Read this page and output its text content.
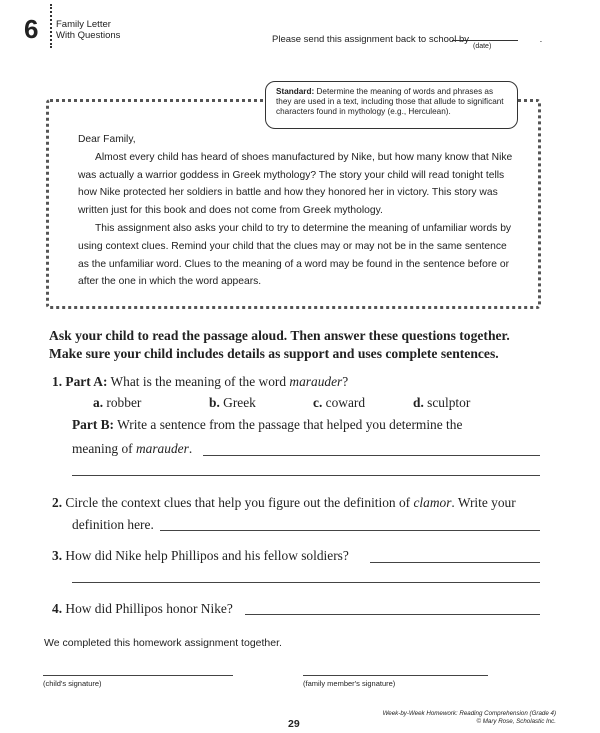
6 Family Letter
With Questions	Please send this assignment back to school by	.
(date)
Standard: Determine the meaning of words and phrases as they are used in a text, including those that allude to significant characters found in mythology (e.g., Herculean).
Dear Family,

Almost every child has heard of shoes manufactured by Nike, but how many know that Nike was actually a warrior goddess in Greek mythology? The story your child will read tonight tells how Nike protected her soldiers in battle and how they honored her in victory. This story was written just for this book and does not come from Greek mythology.

This assignment also asks your child to try to determine the meaning of unfamiliar words by using context clues. Remind your child that the clues may or may not be in the same sentence as the unfamiliar word. Clues to the meaning of a word may be found in the sentence before or after the one in which the word appears.

Ask your child to read the passage aloud. Then answer these questions together.
Make sure your child includes details as support and uses complete sentences.
1. Part A: What is the meaning of the word marauder?
a. robber	b. Greek	c. coward	d. sculptor
Part B: Write a sentence from the passage that helped you determine the
meaning of marauder.
2. Circle the context clues that help you figure out the definition of clamor. Write your
definition here.
3. How did Nike help Phillipos and his fellow soldiers?
4. How did Phillipos honor Nike?
We completed this homework assignment together.
(child's signature)	(family member's signature)
29
Week-by-Week Homework: Reading Comprehension (Grade 4)
© Mary Rose, Scholastic Inc.
